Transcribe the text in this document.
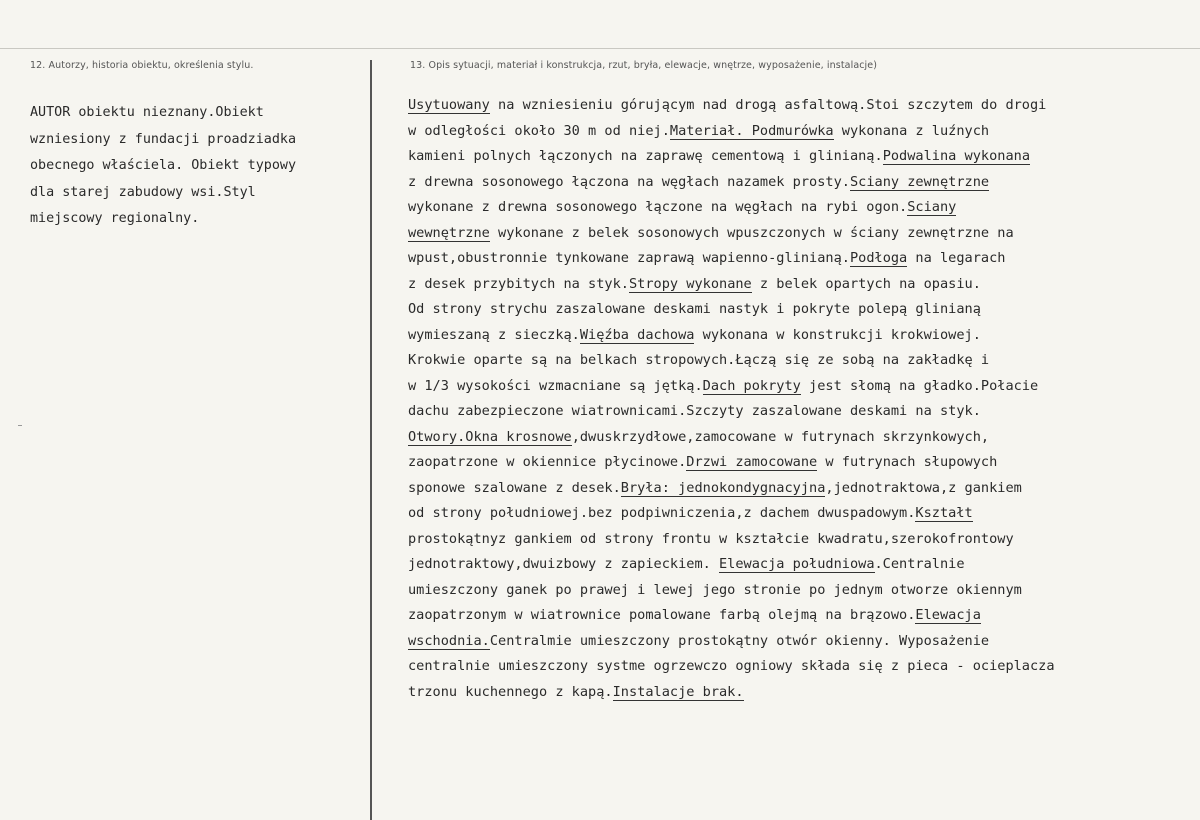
12. Autorzy, historia obiektu, określenia stylu.	13. Opis sytuacji, materiał i konstrukcja, rzut, bryła, elewacje, wnętrze, wyposażenie, instalacje)
AUTOR obiektu nieznany.Obiekt
wzniesiony z fundacji proadziadka
obecnego właściela. Obiekt typowy
dla starej zabudowy wsi.Styl
miejscowy regionalny.
Usytuowany na wzniesieniu górującym nad drogą asfaltową.Stoi szczytem do drogi
w odległości około 30 m od niej.Materiał. Podmurówka wykonana z luźnych
kamieni polnych łączonych na zaprawę cementową i glinianą.Podwalina wykonana
z drewna sosonowego łączona na węgłach nazamek prosty.Sciany zewnętrzne
wykonane z drewna sosonowego łączone na węgłach na rybi ogon.Sciany
wewnętrzne wykonane z belek sosonowych wpuszczonych w ściany zewnętrzne na
wpust,obustronnie tynkowane zaprawą wapienno-glinianą.Podłoga na legarach
z desek przybitych na styk.Stropy wykonane z belek opartych na opasiu.
Od strony strychu zaszalowane deskami nastyk i pokryte polepą glinianą
wymieszaną z sieczką.Więźba dachowa wykonana w konstrukcji krokwiowej.
Krokwie oparte są na belkach stropowych.Łączą się ze sobą na zakładkę i
w 1/3 wysokości wzmacniane są jętką.Dach pokryty jest słomą na gładko.Połacie
dachu zabezpieczone wiatrownicami.Szczyty zaszalowane deskami na styk.
Otwory.Okna krosnowe,dwuskrzydłowe,zamocowane w futrynach skrzynkowych,
zaopatrzone w okiennice płycinowe.Drzwi zamocowane w futrynach słupowych
sponowe szalowane z desek.Bryła: jednokondygnacyjna,jednotraktowa,z gankiem
od strony południowej.bez podpiwniczenia,z dachem dwuspadowym.Kształt
prostokątnyz gankiem od strony frontu w kształcie kwadratu,szerokofrontowy
jednotraktowy,dwuizbowy z zapieckiem. Elewacja południowa.Centralnie
umieszczony ganek po prawej i lewej jego stronie po jednym otworze okiennym
zaopatrzonym w wiatrownice pomalowane farbą olejmą na brązowo.Elewacja
wschodnia.Centralmie umieszczony prostokątny otwór okienny. Wyposażenie
centralnie umieszczony systme ogrzewczo ogniowy składa się z pieca - ocieplacza
trzonu kuchennego z kapą.Instalacje brak.
